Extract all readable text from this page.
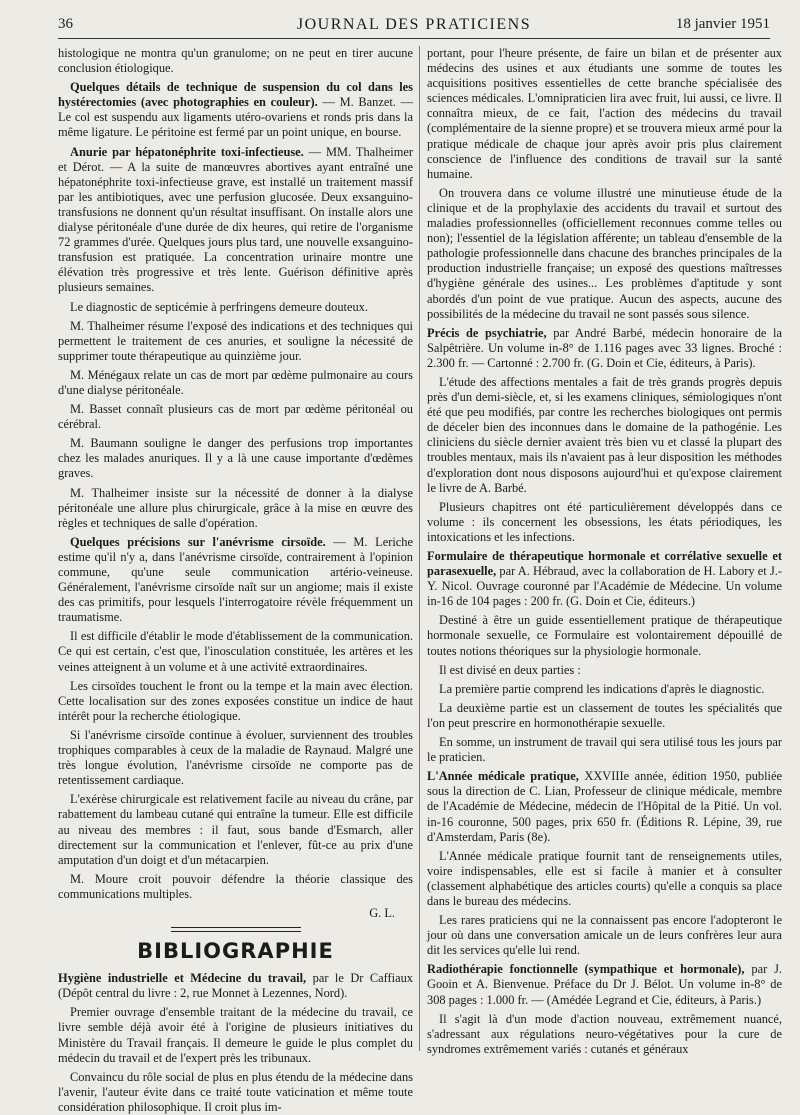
36	JOURNAL DES PRATICIENS	18 janvier 1951

histologique ne montra qu'un granulome; on ne peut en tirer aucune conclusion étiologique.

Quelques détails de technique de suspension du col dans les hystérectomies (avec photographies en couleur). — M. Banzet. — Le col est suspendu aux ligaments utéro-ovariens et ronds pris dans la même ligature. Le péritoine est fermé par un point unique, en bourse.

Anurie par hépatonéphrite toxi-infectieuse. — MM. Thalheimer et Dérot. — A la suite de manœuvres abortives ayant entraîné une hépatonéphrite toxi-infectieuse grave, est installé un traitement massif par les antibiotiques, avec une perfusion glucosée. Deux exsanguino-transfusions ne donnent qu'un résultat insuffisant. On installe alors une dialyse péritonéale d'une durée de dix heures, qui retire de l'organisme 72 grammes d'urée. Quelques jours plus tard, une nouvelle exsanguino-transfusion est pratiquée. La concentration urinaire montre une élévation très progressive et très lente. Guérison définitive après plusieurs semaines.

Le diagnostic de septicémie à perfringens demeure douteux.

M. Thalheimer résume l'exposé des indications et des techniques qui permettent le traitement de ces anuries, et souligne la nécessité de supprimer toute thérapeutique au quinzième jour.

M. Ménégaux relate un cas de mort par œdème pulmonaire au cours d'une dialyse péritonéale.

M. Basset connaît plusieurs cas de mort par œdème péritonéal ou cérébral.

M. Baumann souligne le danger des perfusions trop importantes chez les malades anuriques. Il y a là une cause importante d'œdèmes graves.

M. Thalheimer insiste sur la nécessité de donner à la dialyse péritonéale une allure plus chirurgicale, grâce à la mise en œuvre des règles et techniques de salle d'opération.

Quelques précisions sur l'anévrisme cirsoïde. — M. Leriche estime qu'il n'y a, dans l'anévrisme cirsoïde, contrairement à l'opinion commune, qu'une seule communication artério-veineuse. Généralement, l'anévrisme cirsoïde naît sur un angiome; mais il existe des cas primitifs, pour lesquels l'interrogatoire révèle fréquemment un traumatisme.

Il est difficile d'établir le mode d'établissement de la communication. Ce qui est certain, c'est que, l'inosculation constituée, les artères et les veines atteignent à un volume et à une activité extraordinaires.

Les cirsoïdes touchent le front ou la tempe et la main avec élection. Cette localisation sur des zones exposées constitue un indice de haut intérêt pour la recherche étiologique.

Si l'anévrisme cirsoïde continue à évoluer, surviennent des troubles trophiques comparables à ceux de la maladie de Raynaud. Malgré une très longue évolution, l'anévrisme cirsoïde ne comporte pas de retentissement cardiaque.

L'exérèse chirurgicale est relativement facile au niveau du crâne, par rabattement du lambeau cutané qui entraîne la tumeur. Elle est difficile au niveau des membres : il faut, sous bande d'Esmarch, aller directement sur la communication et l'enlever, fût-ce au prix d'une amputation d'un doigt et d'un métacarpien.

M. Moure croit pouvoir défendre la théorie classique des communications multiples.

G. L.
BIBLIOGRAPHIE

Hygiène industrielle et Médecine du travail, par le Dr Caffiaux (Dépôt central du livre : 2, rue Monnet à Lezennes, Nord).

Premier ouvrage d'ensemble traitant de la médecine du travail, ce livre semble déjà avoir été à l'origine de plusieurs initiatives du Ministère du Travail français. Il demeure le guide le plus complet du médecin du travail et de l'expert près les tribunaux.

Convaincu du rôle social de plus en plus étendu de la médecine dans l'avenir, l'auteur évite dans ce traité toute vaticination et même toute considération philosophique. Il croit plus im-

portant, pour l'heure présente, de faire un bilan et de présenter aux médecins des usines et aux étudiants une somme de toutes les acquisitions positives essentielles de cette branche spécialisée des sciences médicales. L'omnipraticien lira avec fruit, lui aussi, ce livre. Il connaîtra mieux, de ce fait, l'action des médecins du travail (complémentaire de la sienne propre) et se trouvera mieux armé pour la pratique médicale de chaque jour après avoir pris plus clairement conscience de l'influence des conditions de travail sur la santé humaine.

On trouvera dans ce volume illustré une minutieuse étude de la clinique et de la prophylaxie des accidents du travail et surtout des maladies professionnelles (officiellement reconnues comme telles ou non); l'essentiel de la législation afférente; un tableau d'ensemble de la pathologie professionnelle dans chacune des branches principales de la production industrielle française; un exposé des questions maîtresses d'hygiène générale des usines... Les problèmes d'aptitude y sont abordés d'un point de vue pratique. Aucun des aspects, aucune des possibilités de la médecine du travail ne sont passés sous silence.

Précis de psychiatrie, par André Barbé, médecin honoraire de la Salpêtrière. Un volume in-8° de 1.116 pages avec 33 lignes. Broché : 2.300 fr. — Cartonné : 2.700 fr. (G. Doin et Cie, éditeurs, à Paris).

L'étude des affections mentales a fait de très grands progrès depuis près d'un demi-siècle, et, si les examens cliniques, sémiologiques n'ont été que peu modifiés, par contre les recherches biologiques ont permis de déceler bien des inconnues dans le domaine de la pathogénie. Les cliniciens du siècle dernier avaient très bien vu et classé la plupart des troubles mentaux, mais ils n'avaient pas à leur disposition les méthodes d'exploration dont nous disposons aujourd'hui et qu'expose clairement le livre de A. Barbé.

Plusieurs chapitres ont été particulièrement développés dans ce volume : ils concernent les obsessions, les états périodiques, les intoxications et les infections.

Formulaire de thérapeutique hormonale et corrélative sexuelle et parasexuelle, par A. Hébraud, avec la collaboration de H. Labory et J.-Y. Nicol. Ouvrage couronné par l'Académie de Médecine. Un volume in-16 de 104 pages : 200 fr. (G. Doin et Cie, éditeurs.)

Destiné à être un guide essentiellement pratique de thérapeutique hormonale sexuelle, ce Formulaire est volontairement dépouillé de toutes notions théoriques sur la physiologie hormonale.

Il est divisé en deux parties :

La première partie comprend les indications d'après le diagnostic.

La deuxième partie est un classement de toutes les spécialités que l'on peut prescrire en hormonothérapie sexuelle.

En somme, un instrument de travail qui sera utilisé tous les jours par le praticien.

L'Année médicale pratique, XXVIIIe année, édition 1950, publiée sous la direction de C. Lian, Professeur de clinique médicale, membre de l'Académie de Médecine, médecin de l'Hôpital de la Pitié. Un vol. in-16 couronne, 500 pages, prix 650 fr. (Éditions R. Lépine, 39, rue d'Amsterdam, Paris (8e).

L'Année médicale pratique fournit tant de renseignements utiles, voire indispensables, elle est si facile à manier et à consulter (classement alphabétique des articles courts) qu'elle a conquis sa place dans le bureau des médecins.

Les rares praticiens qui ne la connaissent pas encore l'adopteront le jour où dans une conversation amicale un de leurs confrères leur aura dit les services qu'elle lui rend.

Radiothérapie fonctionnelle (sympathique et hormonale), par J. Gooin et A. Bienvenue. Préface du Dr J. Bélot. Un volume in-8° de 308 pages : 1.000 fr. — (Amédée Legrand et Cie, éditeurs, à Paris.)

Il s'agit là d'un mode d'action nouveau, extrêmement nuancé, s'adressant aux régulations neuro-végétatives pour la cure de syndromes extrêmement variés : cutanés et généraux
